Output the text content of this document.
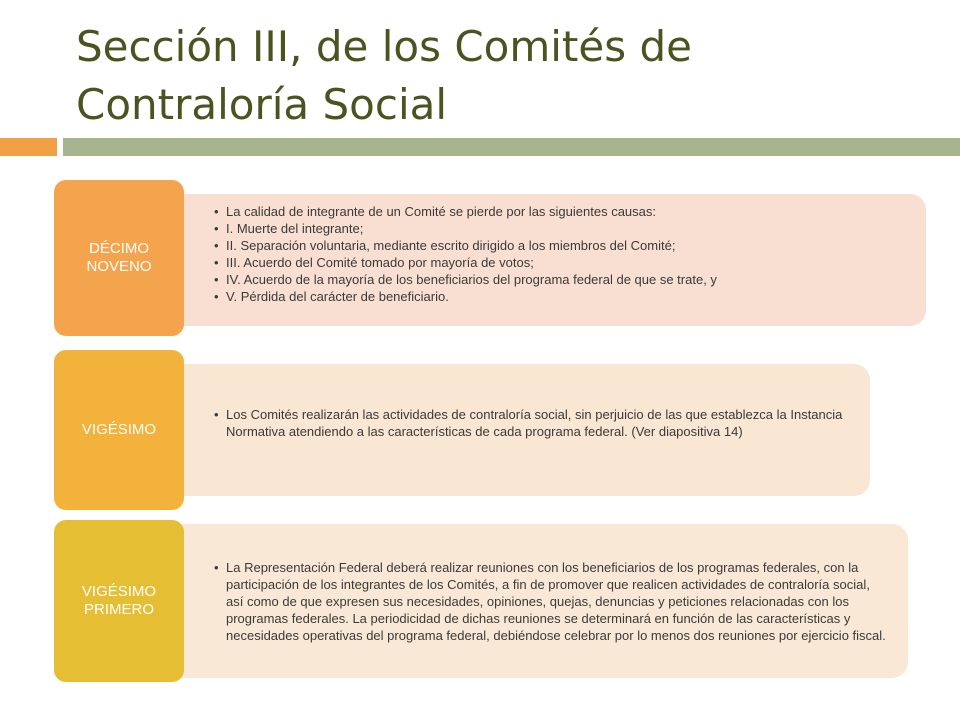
Sección III, de los Comités de Contraloría Social
• La calidad de integrante de un Comité se pierde por las siguientes causas:
• I. Muerte del integrante;
• II. Separación voluntaria, mediante escrito dirigido a los miembros del Comité;
• III. Acuerdo del Comité tomado por mayoría de votos;
• IV. Acuerdo de la mayoría de los beneficiarios del programa federal de que se trate, y
• V. Pérdida del carácter de beneficiario.
DÉCIMO
NOVENO
• Los Comités realizarán las actividades de contraloría social, sin perjuicio de las que establezca la Instancia Normativa atendiendo a las características de cada programa federal. (Ver diapositiva 14)
VIGÉSIMO
• La Representación Federal deberá realizar reuniones con los beneficiarios de los programas federales, con la participación de los integrantes de los Comités, a fin de promover que realicen actividades de contraloría social, así como de que expresen sus necesidades, opiniones, quejas, denuncias y peticiones relacionadas con los programas federales. La periodicidad de dichas reuniones se determinará en función de las características y necesidades operativas del programa federal, debiéndose celebrar por lo menos dos reuniones por ejercicio fiscal.
VIGÉSIMO
PRIMERO
